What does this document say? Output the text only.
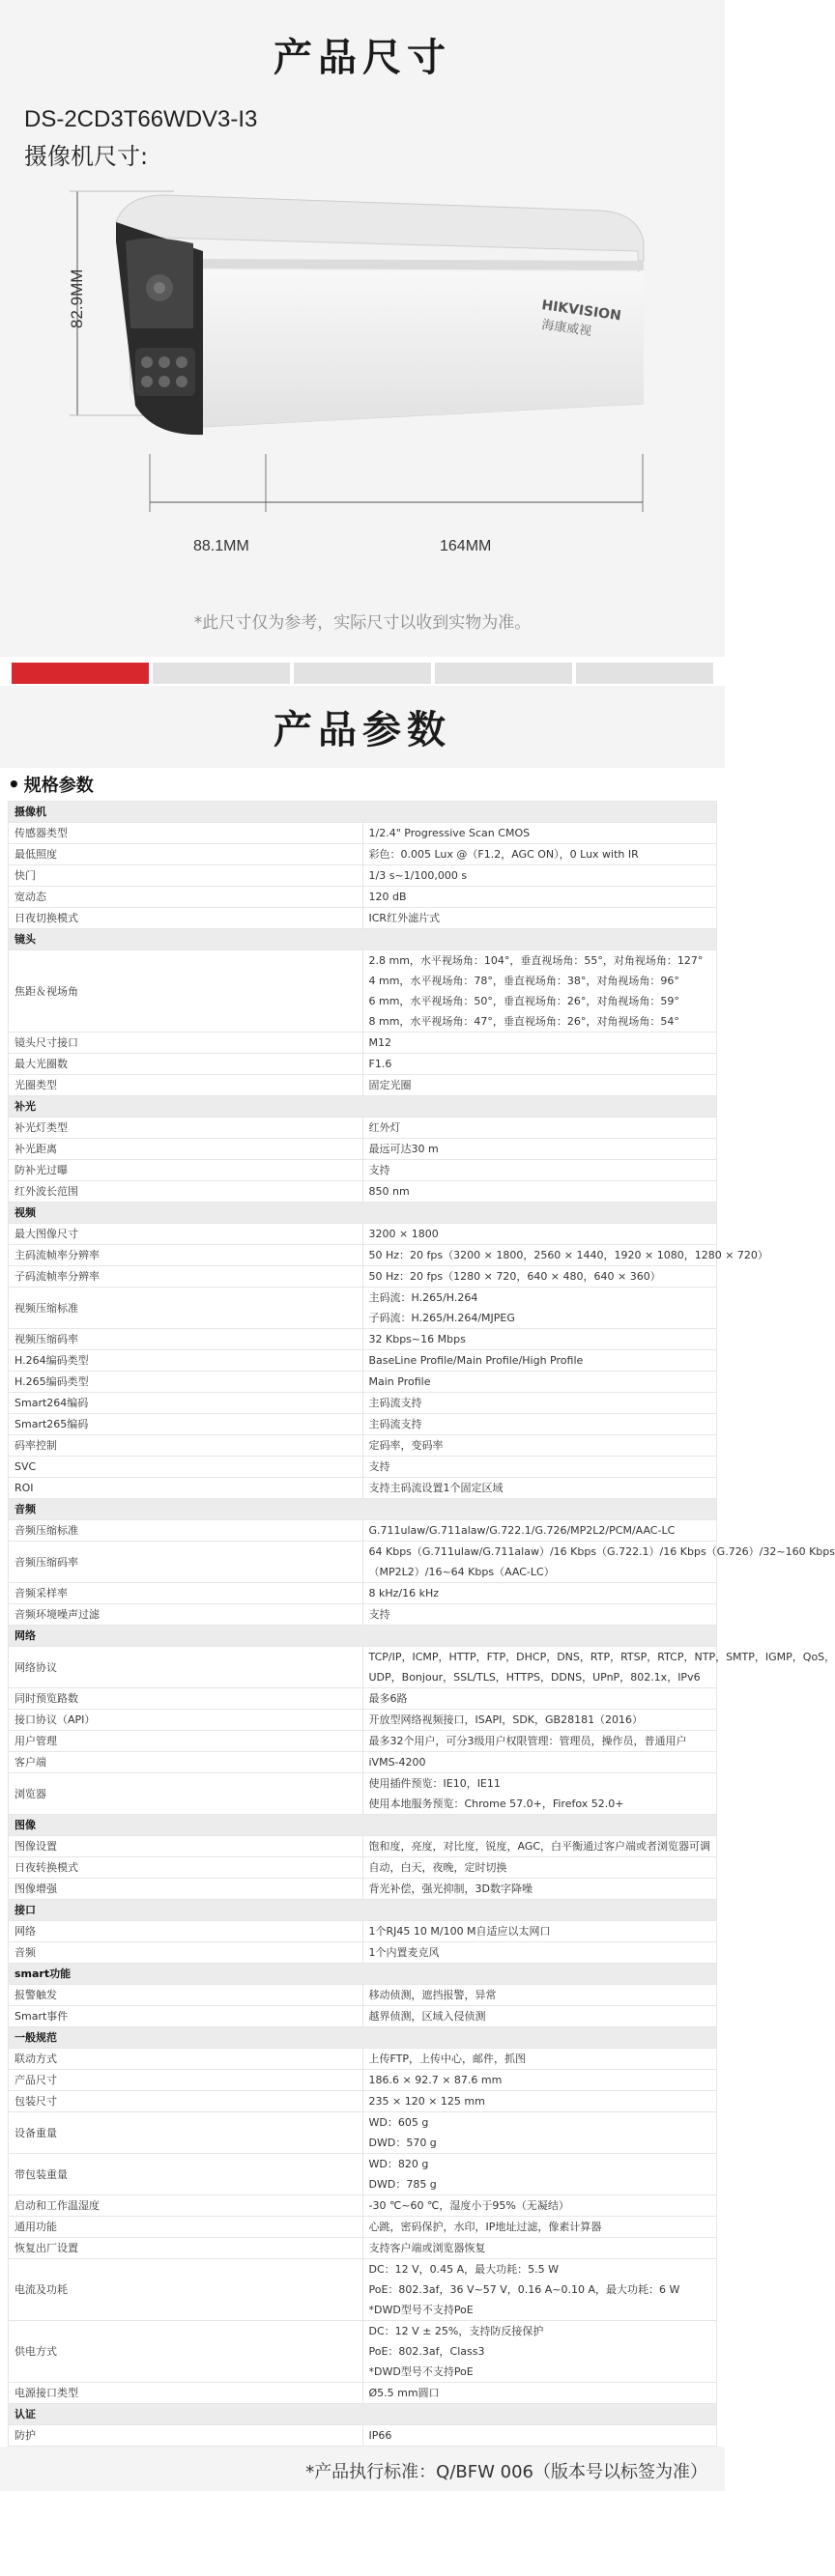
产品尺寸
DS-2CD3T66WDV3-I3
摄像机尺寸:
HIKVISION
海康威视
82.9MM
88.1MM	164MM
*此尺寸仅为参考，实际尺寸以收到实物为准。
产品参数
• 规格参数
摄像机	
传感器类型	1/2.4" Progressive Scan CMOS

最低照度	彩色：0.005 Lux @（F1.2，AGC ON），0 Lux with IR

快门	1/3 s~1/100,000 s

宽动态	120 dB

日夜切换模式	ICR红外滤片式

镜头	
焦距＆视场角	2.8 mm，水平视场角：104°，垂直视场角：55°，对角视场角：127°
4 mm，水平视场角：78°，垂直视场角：38°，对角视场角：96°
6 mm，水平视场角：50°，垂直视场角：26°，对角视场角：59°
8 mm，水平视场角：47°，垂直视场角：26°，对角视场角：54°

镜头尺寸接口	M12

最大光圈数	F1.6

光圈类型	固定光圈

补光	
补光灯类型	红外灯

补光距离	最远可达30 m

防补光过曝	支持

红外波长范围	850 nm

视频	
最大图像尺寸	3200 × 1800

主码流帧率分辨率	50 Hz：20 fps（3200 × 1800，2560 × 1440，1920 × 1080，1280 × 720）

子码流帧率分辨率	50 Hz：20 fps（1280 × 720，640 × 480，640 × 360）

视频压缩标准	主码流：H.265/H.264
子码流：H.265/H.264/MJPEG

视频压缩码率	32 Kbps~16 Mbps

H.264编码类型	BaseLine Profile/Main Profile/High Profile

H.265编码类型	Main Profile

Smart264编码	主码流支持

Smart265编码	主码流支持

码率控制	定码率，变码率

SVC	支持

ROI	支持主码流设置1个固定区域

音频	
音频压缩标准	G.711ulaw/G.711alaw/G.722.1/G.726/MP2L2/PCM/AAC-LC

音频压缩码率	64 Kbps（G.711ulaw/G.711alaw）/16 Kbps（G.722.1）/16 Kbps（G.726）/32~160 Kbps
（MP2L2）/16~64 Kbps（AAC-LC）

音频采样率	8 kHz/16 kHz

音频环境噪声过滤	支持

网络	
网络协议	TCP/IP，ICMP，HTTP，FTP，DHCP，DNS，RTP，RTSP，RTCP，NTP，SMTP，IGMP，QoS，
UDP，Bonjour，SSL/TLS，HTTPS，DDNS，UPnP，802.1x，IPv6

同时预览路数	最多6路

接口协议（API）	开放型网络视频接口，ISAPI，SDK，GB28181（2016）

用户管理	最多32个用户，可分3级用户权限管理：管理员，操作员，普通用户

客户端	iVMS-4200

浏览器	使用插件预览：IE10，IE11
使用本地服务预览：Chrome 57.0+，Firefox 52.0+

图像	
图像设置	饱和度，亮度，对比度，锐度，AGC，白平衡通过客户端或者浏览器可调

日夜转换模式	自动，白天，夜晚，定时切换

图像增强	背光补偿，强光抑制，3D数字降噪

接口	
网络	1个RJ45 10 M/100 M自适应以太网口

音频	1个内置麦克风

smart功能	
报警触发	移动侦测，遮挡报警，异常

Smart事件	越界侦测，区域入侵侦测

一般规范	
联动方式	上传FTP，上传中心，邮件，抓图

产品尺寸	186.6 × 92.7 × 87.6 mm

包装尺寸	235 × 120 × 125 mm

设备重量	WD：605 g
DWD：570 g

带包装重量	WD：820 g
DWD：785 g

启动和工作温湿度	-30 ℃~60 ℃，湿度小于95%（无凝结）

通用功能	心跳，密码保护，水印，IP地址过滤，像素计算器

恢复出厂设置	支持客户端或浏览器恢复

电流及功耗	DC：12 V，0.45 A，最大功耗：5.5 W
PoE：802.3af，36 V~57 V，0.16 A~0.10 A，最大功耗：6 W
*DWD型号不支持PoE

供电方式	DC：12 V ± 25%，支持防反接保护
PoE：802.3af，Class3
*DWD型号不支持PoE

电源接口类型	Ø5.5 mm圆口

认证	
防护	IP66
*产品执行标准：Q/BFW 006（版本号以标签为准）
